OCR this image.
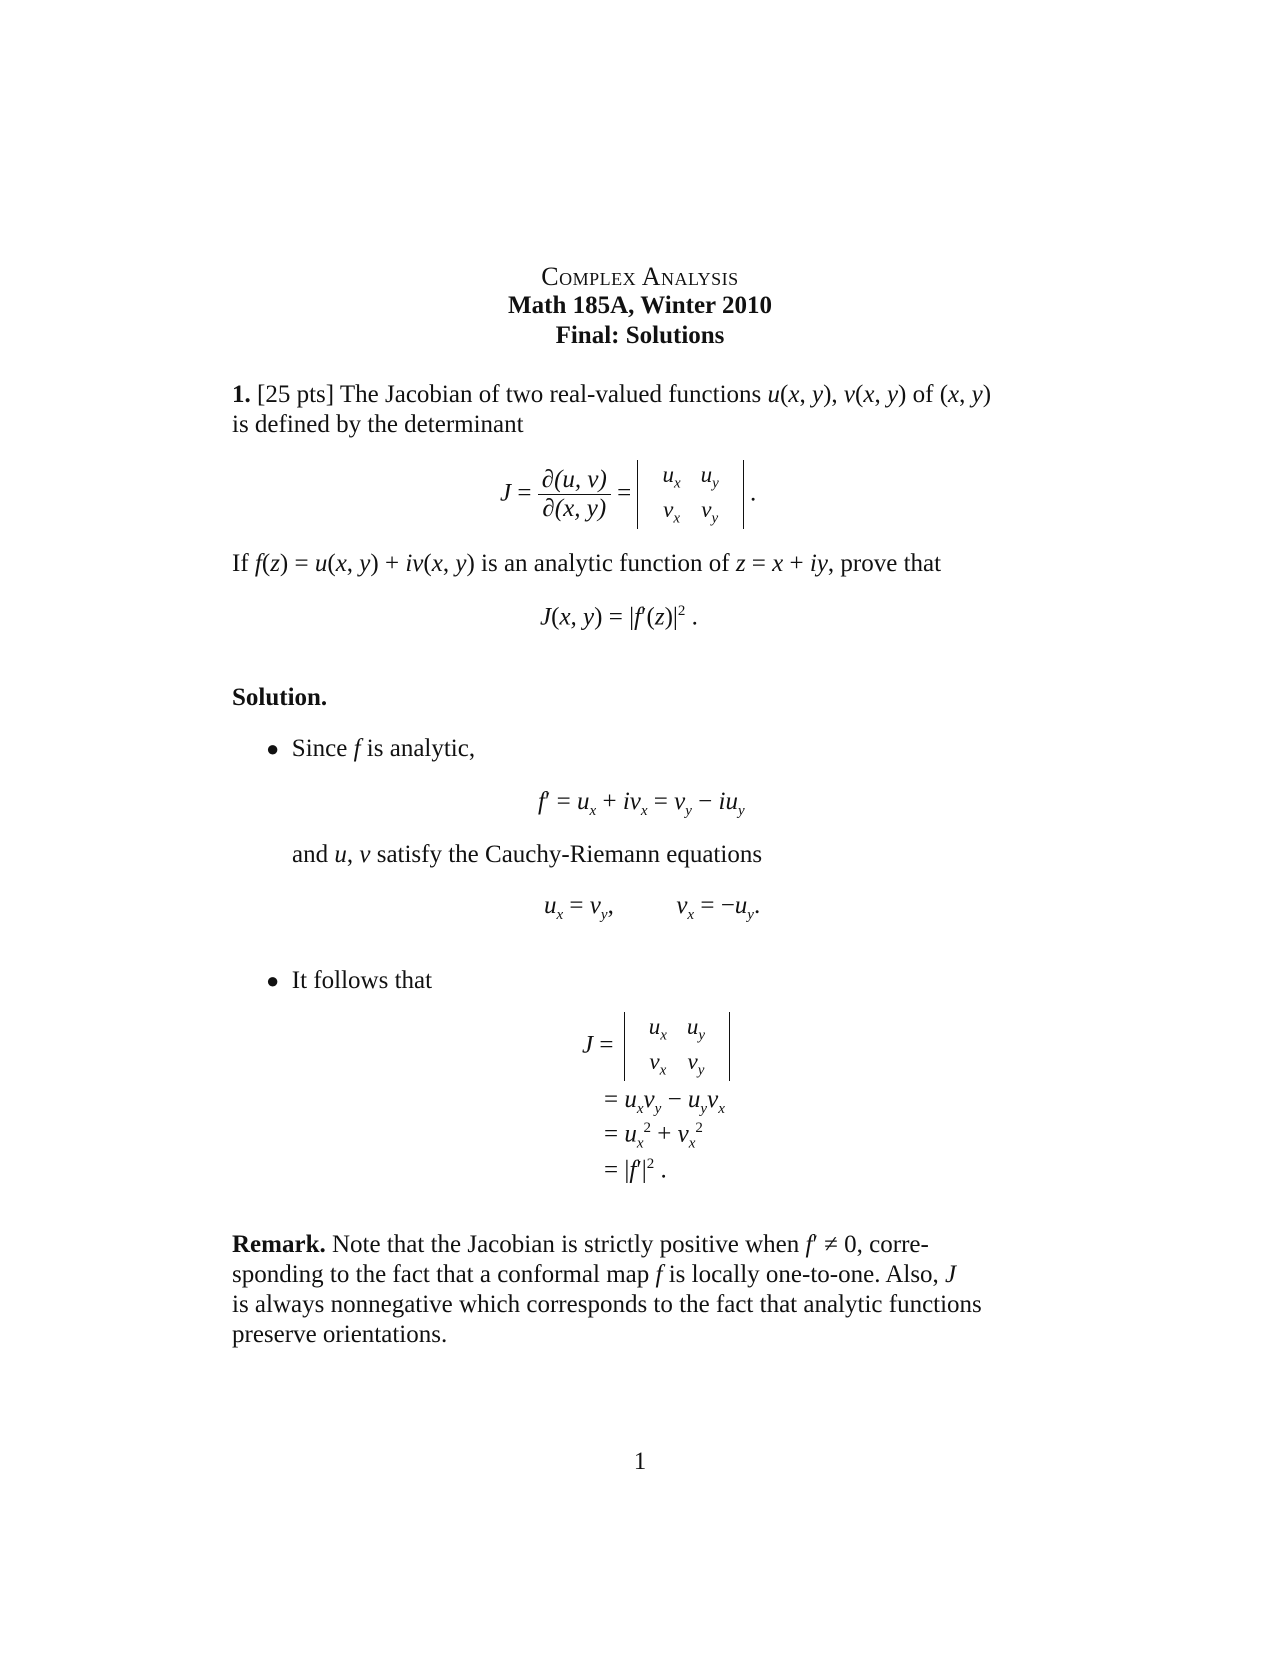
Complex Analysis
Math 185A, Winter 2010
Final: Solutions
1. [25 pts] The Jacobian of two real-valued functions u(x, y), v(x, y) of (x, y)
is defined by the determinant
$J = \frac{\partial(u, v)}{\partial(x, y)}$ =
$u_x$	$u_y$
$v_x$	$v_y$
.
If f(z) = u(x, y) + iv(x, y) is an analytic function of z = x + iy, prove that
J(x, $y) = |f'(z)|^2$ .
Solution.
●  Since f is analytic,
$f' = u_x + iv_x = v_y - iu_y$
and u, v satisfy the Cauchy-Riemann equations
$u_x = v_y$,  $v_x = -u_y$.
● It follows that
J =
$u_x$	$u_y$
$v_x$	$v_y$
= $u_xv_y - u_yv_x$
= $u_x^2 + v_x^2$
= $|f'|^2$ .
Remark. Note that the Jacobian is strictly positive when f′ ≠ 0, corre-
sponding to the fact that a conformal map f is locally one-to-one. Also, J
is always nonnegative which corresponds to the fact that analytic functions
preserve orientations.
1
